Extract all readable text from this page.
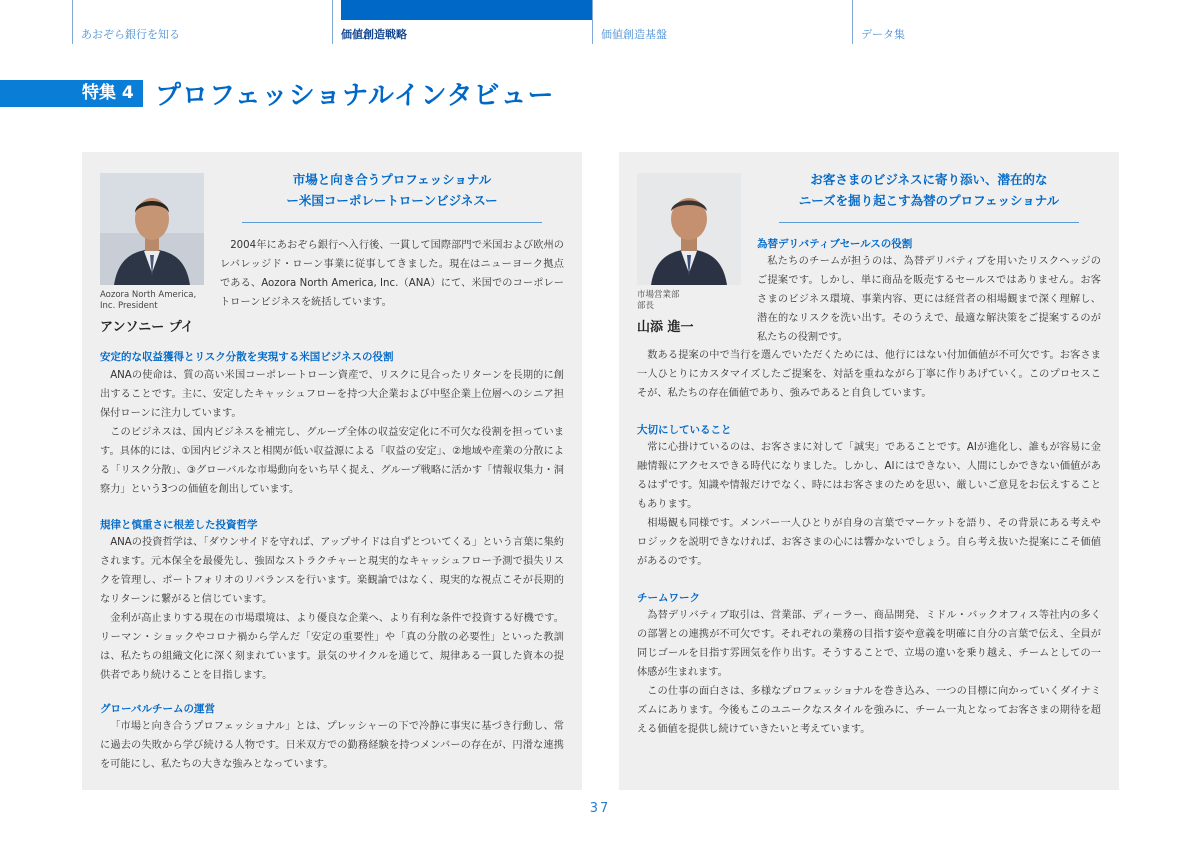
あおぞら銀行を知る	価値創造戦略	価値創造基盤	データ集
特集 4 プロフェッショナルインタビュー
Aozora North America,
Inc. President
アンソニー プイ
市場と向き合うプロフェッショナル
ー米国コーポレートローンビジネスー
2004年にあおぞら銀行へ入行後、一貫して国際部門で米国および欧州のレバレッジド・ローン事業に従事してきました。現在はニューヨーク拠点である、Aozora North America, Inc.（ANA）にて、米国でのコーポレートローンビジネスを統括しています。
安定的な収益獲得とリスク分散を実現する米国ビジネスの役割
ANAの使命は、質の高い米国コーポレートローン資産で、リスクに見合ったリターンを長期的に創出することです。主に、安定したキャッシュフローを持つ大企業および中堅企業上位層へのシニア担保付ローンに注力しています。
このビジネスは、国内ビジネスを補完し、グループ全体の収益安定化に不可欠な役割を担っています。具体的には、①国内ビジネスと相関が低い収益源による「収益の安定」、②地域や産業の分散による「リスク分散」、③グローバルな市場動向をいち早く捉え、グループ戦略に活かす「情報収集力・洞察力」という3つの価値を創出しています。
規律と慎重さに根差した投資哲学
ANAの投資哲学は、「ダウンサイドを守れば、アップサイドは自ずとついてくる」という言葉に集約されます。元本保全を最優先し、強固なストラクチャーと現実的なキャッシュフロー予測で損失リスクを管理し、ポートフォリオのリバランスを行います。楽観論ではなく、現実的な視点こそが長期的なリターンに繋がると信じています。
金利が高止まりする現在の市場環境は、より優良な企業へ、より有利な条件で投資する好機です。リーマン・ショックやコロナ禍から学んだ「安定の重要性」や「真の分散の必要性」といった教訓は、私たちの組織文化に深く刻まれています。景気のサイクルを通じて、規律ある一貫した資本の提供者であり続けることを目指します。
グローバルチームの運営
「市場と向き合うプロフェッショナル」とは、プレッシャーの下で冷静に事実に基づき行動し、常に過去の失敗から学び続ける人物です。日米双方での勤務経験を持つメンバーの存在が、円滑な連携を可能にし、私たちの大きな強みとなっています。
市場営業部
部長
山添 進一
お客さまのビジネスに寄り添い、潜在的な
ニーズを掘り起こす為替のプロフェッショナル
為替デリバティブセールスの役割
私たちのチームが担うのは、為替デリバティブを用いたリスクヘッジのご提案です。しかし、単に商品を販売するセールスではありません。お客さまのビジネス環境、事業内容、更には経営者の相場観まで深く理解し、潜在的なリスクを洗い出す。そのうえで、最適な解決策をご提案するのが私たちの役割です。
数ある提案の中で当行を選んでいただくためには、他行にはない付加価値が不可欠です。お客さま一人ひとりにカスタマイズしたご提案を、対話を重ねながら丁寧に作りあげていく。このプロセスこそが、私たちの存在価値であり、強みであると自負しています。
大切にしていること
常に心掛けているのは、お客さまに対して「誠実」であることです。AIが進化し、誰もが容易に金融情報にアクセスできる時代になりました。しかし、AIにはできない、人間にしかできない価値があるはずです。知識や情報だけでなく、時にはお客さまのためを思い、厳しいご意見をお伝えすることもあります。
相場観も同様です。メンバー一人ひとりが自身の言葉でマーケットを語り、その背景にある考えやロジックを説明できなければ、お客さまの心には響かないでしょう。自ら考え抜いた提案にこそ価値があるのです。
チームワーク
為替デリバティブ取引は、営業部、ディーラー、商品開発、ミドル・バックオフィス等社内の多くの部署との連携が不可欠です。それぞれの業務の目指す姿や意義を明確に自分の言葉で伝え、全員が同じゴールを目指す雰囲気を作り出す。そうすることで、立場の違いを乗り越え、チームとしての一体感が生まれます。
この仕事の面白さは、多様なプロフェッショナルを巻き込み、一つの目標に向かっていくダイナミズムにあります。今後もこのユニークなスタイルを強みに、チーム一丸となってお客さまの期待を超える価値を提供し続けていきたいと考えています。
37
